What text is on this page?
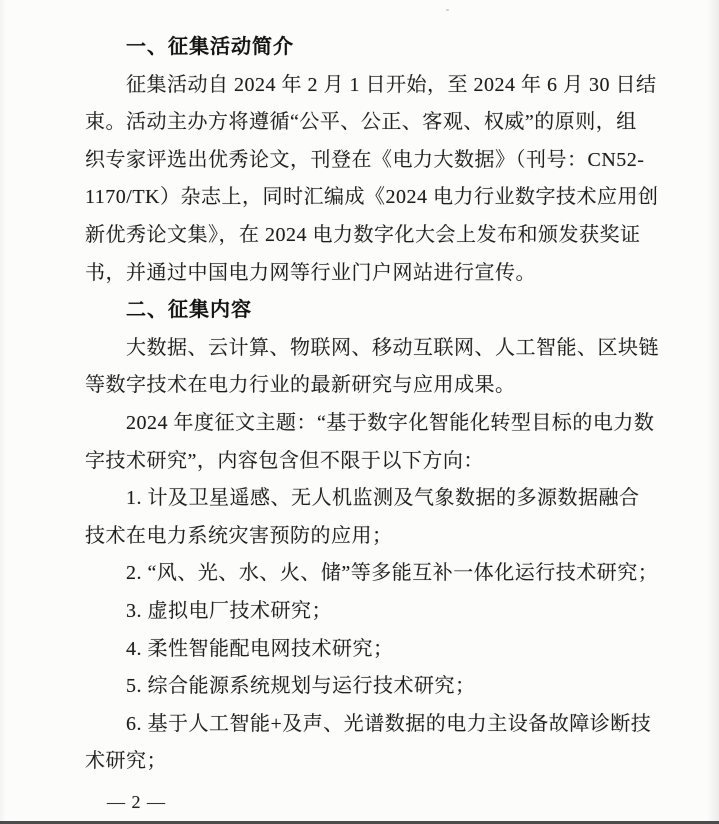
一、征集活动简介
征集活动自 2024 年 2 月 1 日开始，至 2024 年 6 月 30 日结
束。活动主办方将遵循“公平、公正、客观、权威”的原则，组
织专家评选出优秀论文，刊登在《电力大数据》（刊号：CN52-
1170/TK）杂志上，同时汇编成《2024 电力行业数字技术应用创
新优秀论文集》，在 2024 电力数字化大会上发布和颁发获奖证
书，并通过中国电力网等行业门户网站进行宣传。
二、征集内容
大数据、云计算、物联网、移动互联网、人工智能、区块链
等数字技术在电力行业的最新研究与应用成果。
2024 年度征文主题：“基于数字化智能化转型目标的电力数
字技术研究”，内容包含但不限于以下方向：
1. 计及卫星遥感、无人机监测及气象数据的多源数据融合
技术在电力系统灾害预防的应用；
2. “风、光、水、火、储”等多能互补一体化运行技术研究；
3. 虚拟电厂技术研究；
4. 柔性智能配电网技术研究；
5. 综合能源系统规划与运行技术研究；
6. 基于人工智能+及声、光谱数据的电力主设备故障诊断技
术研究；
— 2 —
